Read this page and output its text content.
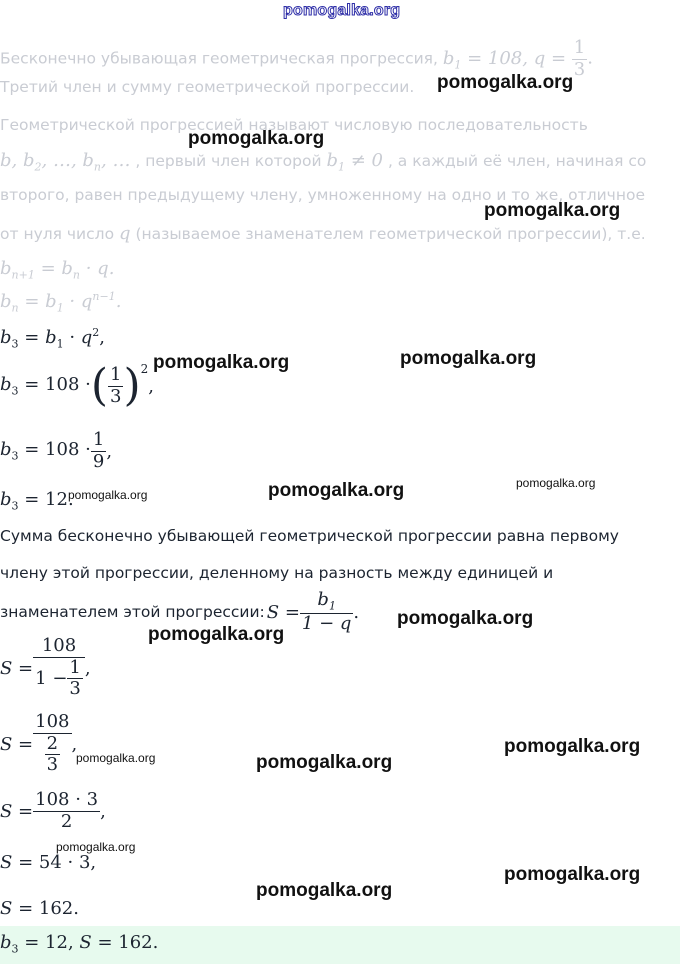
pomogalka.org
Бесконечно убывающая геометрическая прогрессия, $b_1 = 108$, $q = \frac{1}{3}$ .
Третий член и сумму геометрической прогрессии.
Геометрической прогрессией называют числовую последовательность
b, $b_2$, …, $b_n$, … , первый член которой $b_1 \ne 0$ , а каждый её член, начиная со
второго, равен предыдущему члену, умноженному на одно и то же, отличное
от нуля число q (называемое знаменателем геометрической прогрессии), т.е.
$b_{n+1} = b_n \cdot q$.
$b_n = b_1 \cdot q^{n-1}$.
$b_3 = b_1 \cdot q^2$,
$b_3 = 108$ · ( $\frac{1}{3}$ ) 2
,
$b_3 = 108 \cdot \frac{1}{9}$ ,
$b_3 = 12$.
Сумма бесконечно убывающей геометрической прогрессии равна первому
члену этой прогрессии, деленному на разность между единицей и
знаменателем этой прогрессии: $S = \frac{b_1}{1 - q}$ .
$S = \frac{108}{1 - \frac{1}{3}}$ ,
$S = \frac{108}{\frac{2}{3}}$ ,
$S = \frac{108 \cdot 3}{2}$ ,
S = 54 · 3,
S = 162.
$b_3 = 12$, S = 162.
pomogalka.org
pomogalka.org
pomogalka.org
pomogalka.org	pomogalka.org
pomogalka.org	pomogalka.org	pomogalka.org
pomogalka.org
pomogalka.org
pomogalka.org
pomogalka.org	pomogalka.org
pomogalka.org
pomogalka.org
pomogalka.org
